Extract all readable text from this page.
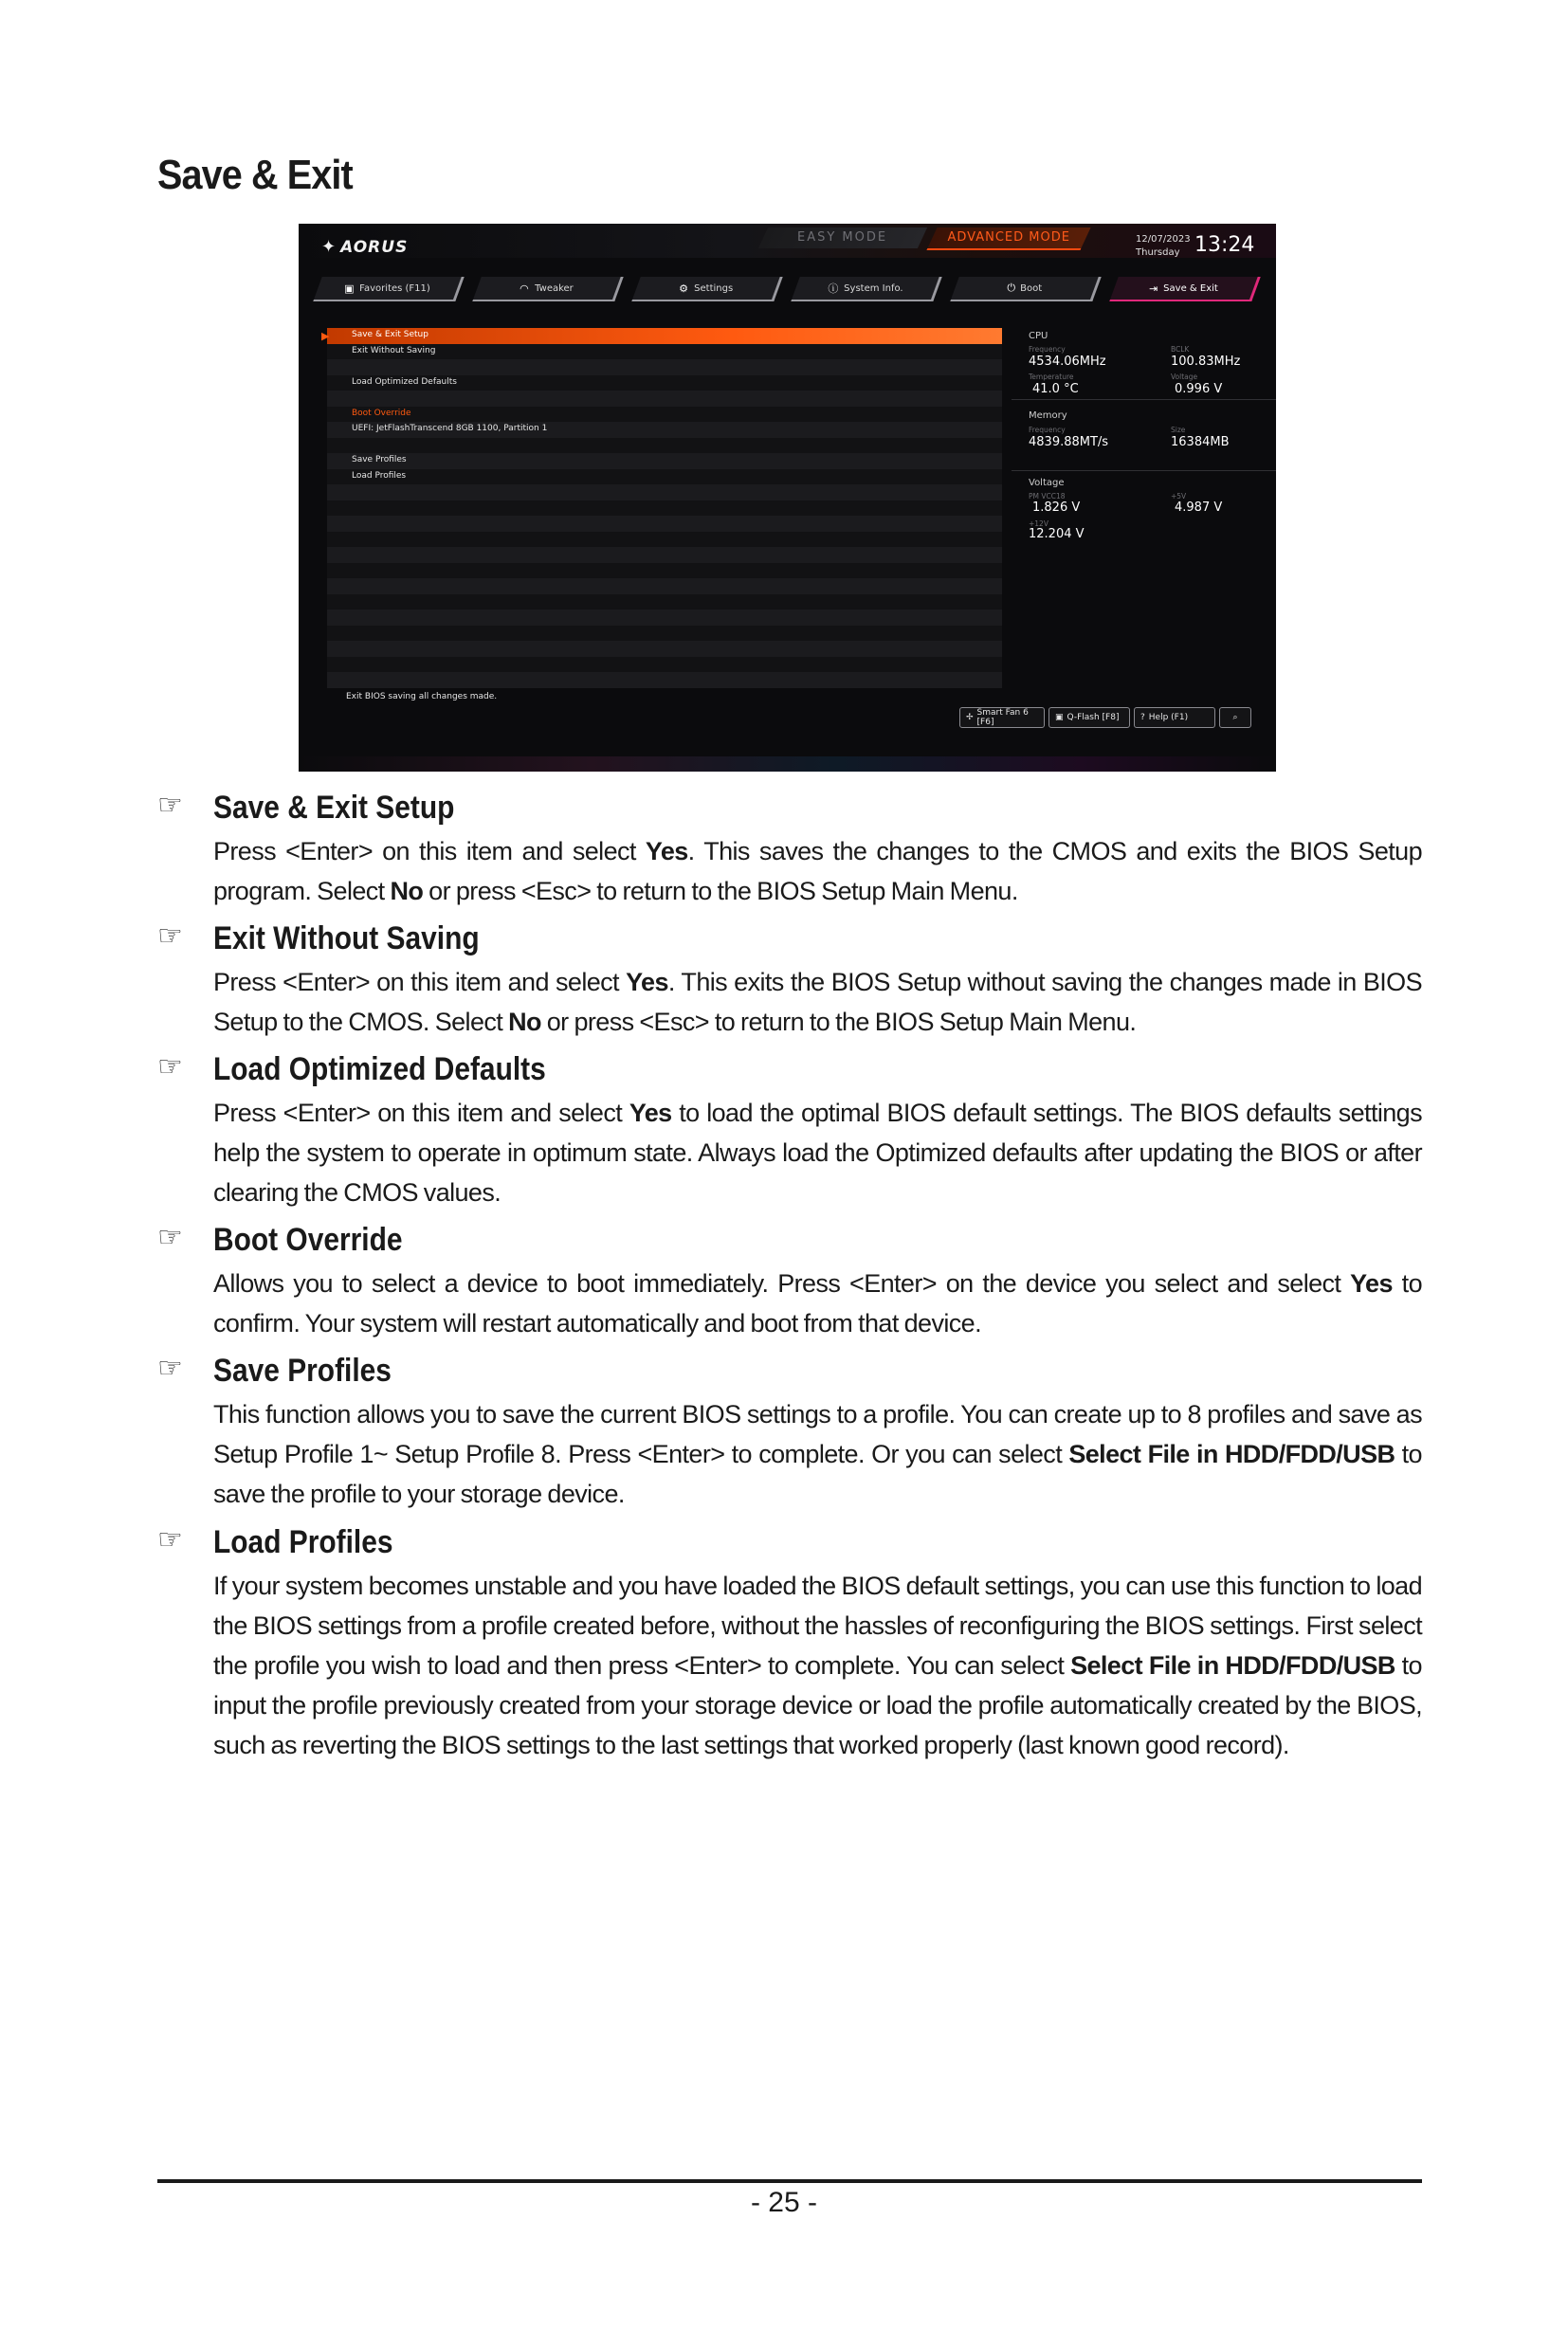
Save & Exit
✦ AORUS	EASY MODE	ADVANCED MODE	12/07/2023
Thursday 13:24
▣ Favorites (F11)	◠ Tweaker	⚙ Settings	ⓘ System Info.	⏻ Boot	⇥ Save & Exit
▶	Save & Exit Setup
Exit Without Saving
Load Optimized Defaults
Boot Override
UEFI: JetFlashTranscend 8GB 1100, Partition 1
Save Profiles
Load Profiles
Exit BIOS saving all changes made.
CPU
Frequency
4534.06MHz
BCLK
100.83MHz
Temperature
41.0 °C
Voltage
0.996 V
Memory
Frequency
4839.88MT/s
Size
16384MB
Voltage
PM VCC18
1.826 V
+5V
4.987 V
+12V
12.204 V
✢ Smart Fan 6 [F6]	▣ Q-Flash [F8]	? Help (F1)	⌕
☞ Save & Exit Setup
Press <Enter> on this item and select Yes. This saves the changes to the CMOS and exits the BIOS Setup program. Select No or press <Esc> to return to the BIOS Setup Main Menu.
☞ Exit Without Saving
Press <Enter> on this item and select Yes. This exits the BIOS Setup without saving the changes made in BIOS Setup to the CMOS. Select No or press <Esc> to return to the BIOS Setup Main Menu.
☞ Load Optimized Defaults
Press <Enter> on this item and select Yes to load the optimal BIOS default settings. The BIOS defaults settings help the system to operate in optimum state. Always load the Optimized defaults after updating the BIOS or after clearing the CMOS values.
☞ Boot Override
Allows you to select a device to boot immediately. Press <Enter> on the device you select and select Yes to confirm. Your system will restart automatically and boot from that device.
☞ Save Profiles
This function allows you to save the current BIOS settings to a profile. You can create up to 8 profiles and save as Setup Profile 1~ Setup Profile 8. Press <Enter> to complete. Or you can select Select File in HDD/FDD/USB to save the profile to your storage device.
☞ Load Profiles
If your system becomes unstable and you have loaded the BIOS default settings, you can use this function to load the BIOS settings from a profile created before, without the hassles of reconfiguring the BIOS settings. First select the profile you wish to load and then press <Enter> to complete. You can select Select File in HDD/FDD/USB to input the profile previously created from your storage device or load the profile automatically created by the BIOS, such as reverting the BIOS settings to the last settings that worked properly (last known good record).
- 25 -
